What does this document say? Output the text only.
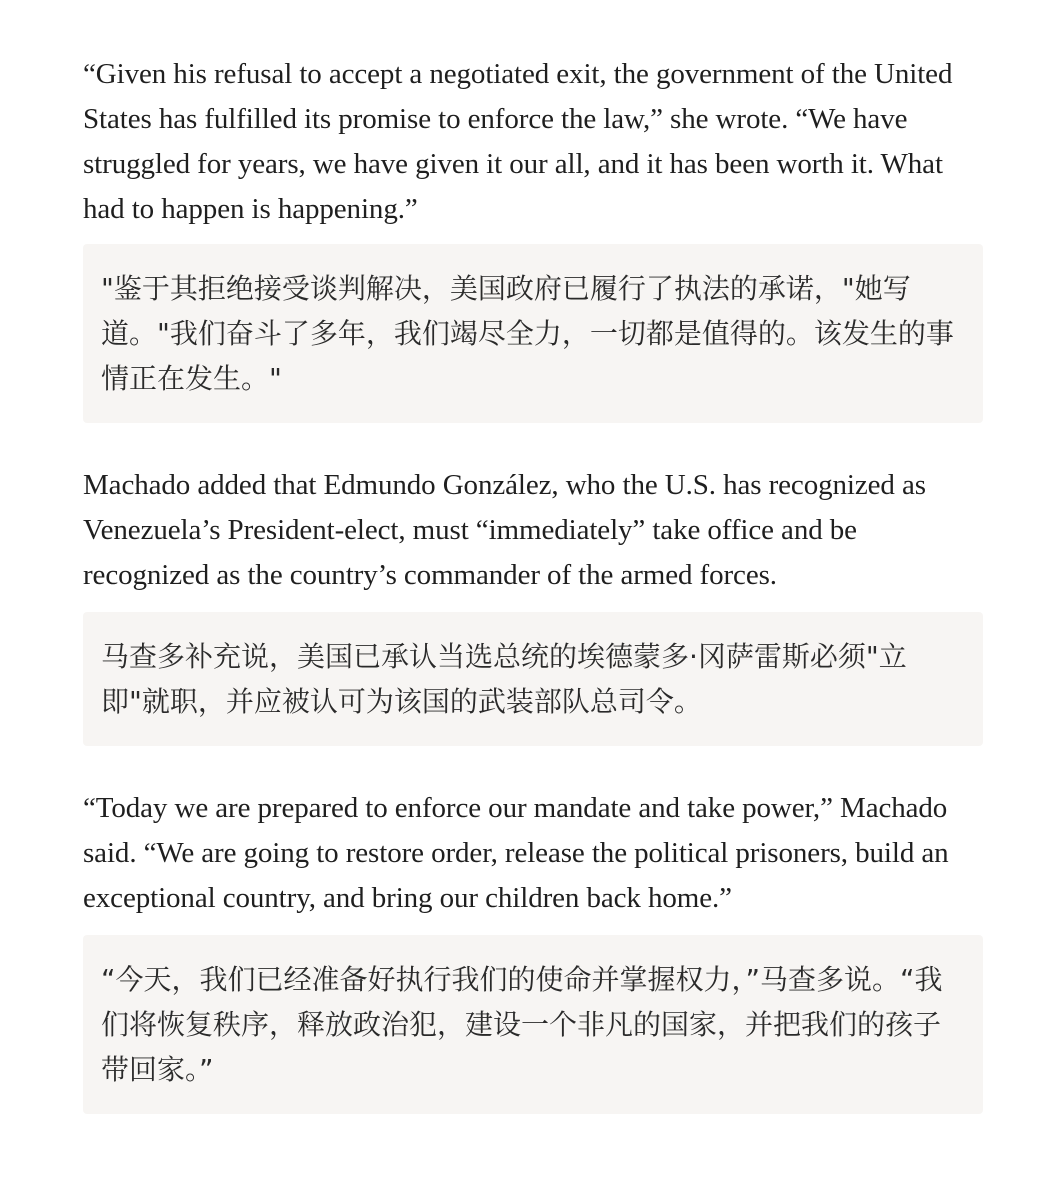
“Given his refusal to accept a negotiated exit, the government of the United States has fulfilled its promise to enforce the law,” she wrote. “We have struggled for years, we have given it our all, and it has been worth it. What had to happen is happening.”

"鉴于其拒绝接受谈判解决，美国政府已履行了执法的承诺，"她写道。"我们奋斗了多年，我们竭尽全力，一切都是值得的。该发生的事情正在发生。"

Machado added that Edmundo González, who the U.S. has recognized as Venezuela’s President-elect, must “immediately” take office and be recognized as the country’s commander of the armed forces.

马查多补充说，美国已承认当选总统的埃德蒙多·冈萨雷斯必须"立即"就职，并应被认可为该国的武装部队总司令。

“Today we are prepared to enforce our mandate and take power,” Machado said. “We are going to restore order, release the political prisoners, build an exceptional country, and bring our children back home.”

“今天，我们已经准备好执行我们的使命并掌握权力，”马查多说。“我们将恢复秩序，释放政治犯，建设一个非凡的国家，并把我们的孩子带回家。”
